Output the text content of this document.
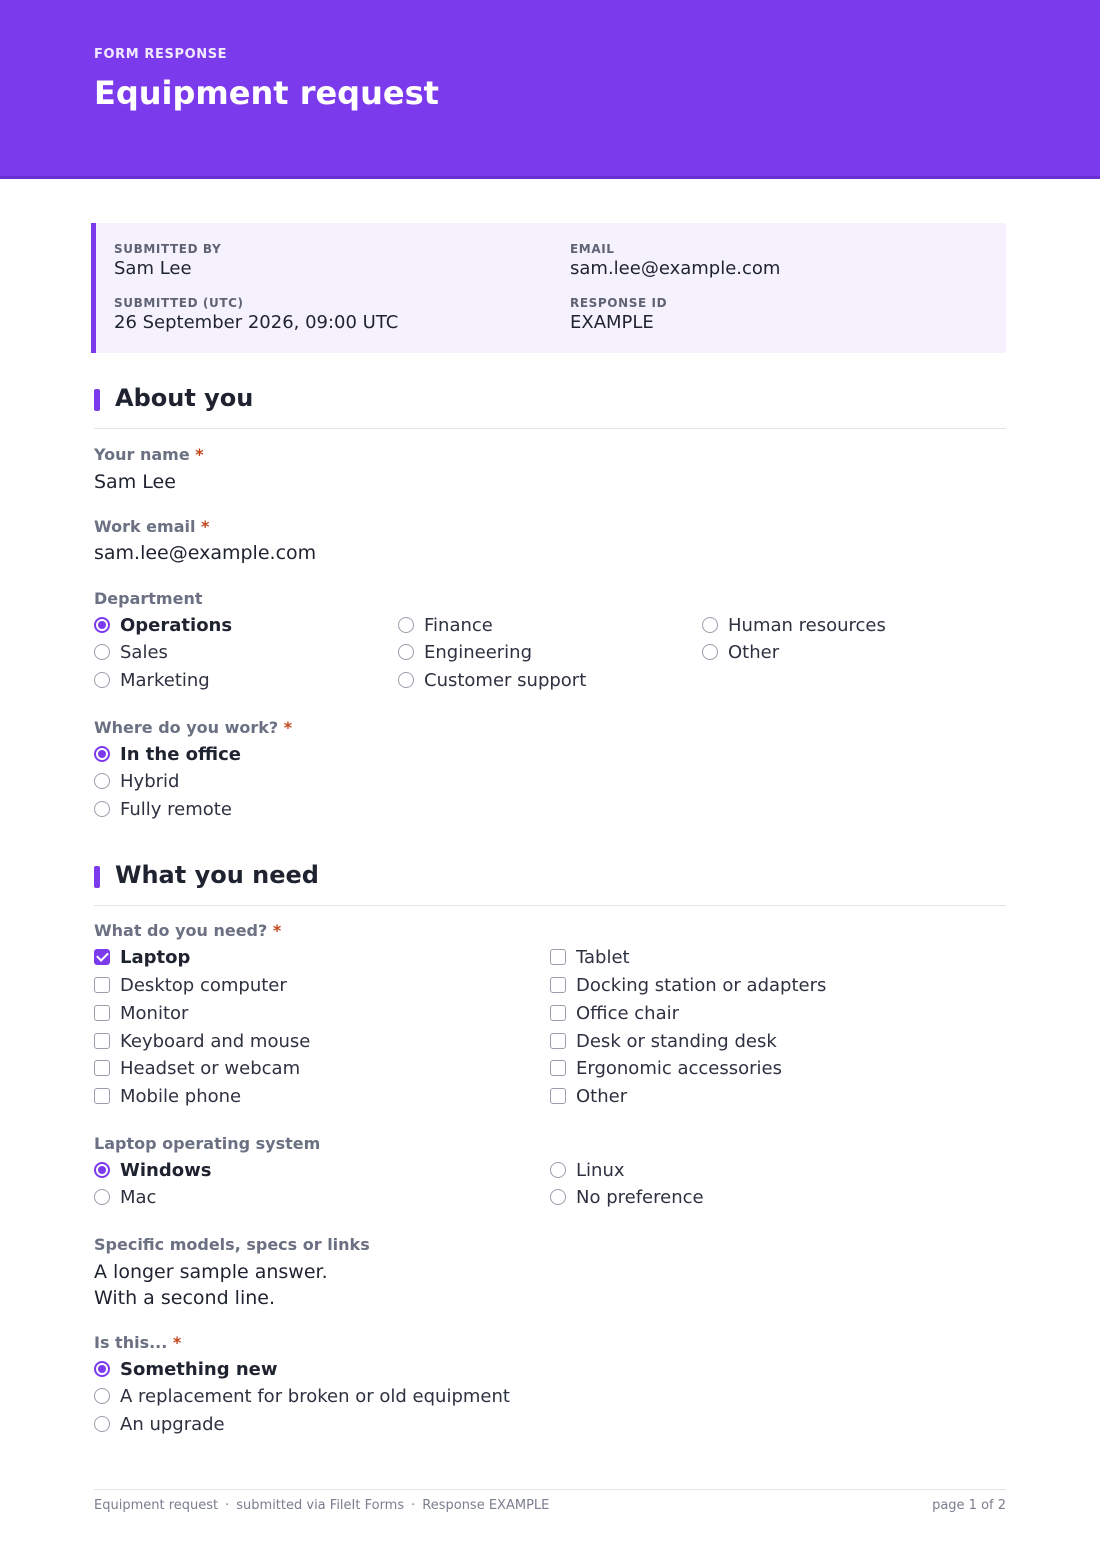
FORM RESPONSE
Equipment request
SUBMITTED BY
Sam Lee
EMAIL
sam.lee@example.com
SUBMITTED (UTC)
26 September 2026, 09:00 UTC
RESPONSE ID
EXAMPLE
About you
Your name *
Sam Lee
Work email *
sam.lee@example.com
Department
Operations	Finance	Human resources
Sales	Engineering	Other
Marketing	Customer support
Where do you work? *
In the office
Hybrid
Fully remote
What you need
What do you need? *
Laptop	Tablet
Desktop computer	Docking station or adapters
Monitor	Office chair
Keyboard and mouse	Desk or standing desk
Headset or webcam	Ergonomic accessories
Mobile phone	Other
Laptop operating system
Windows	Linux
Mac	No preference
Specific models, specs or links
A longer sample answer.
With a second line.
Is this... *
Something new
A replacement for broken or old equipment
An upgrade
Equipment request · submitted via FileIt Forms · Response EXAMPLE	page 1 of 2
